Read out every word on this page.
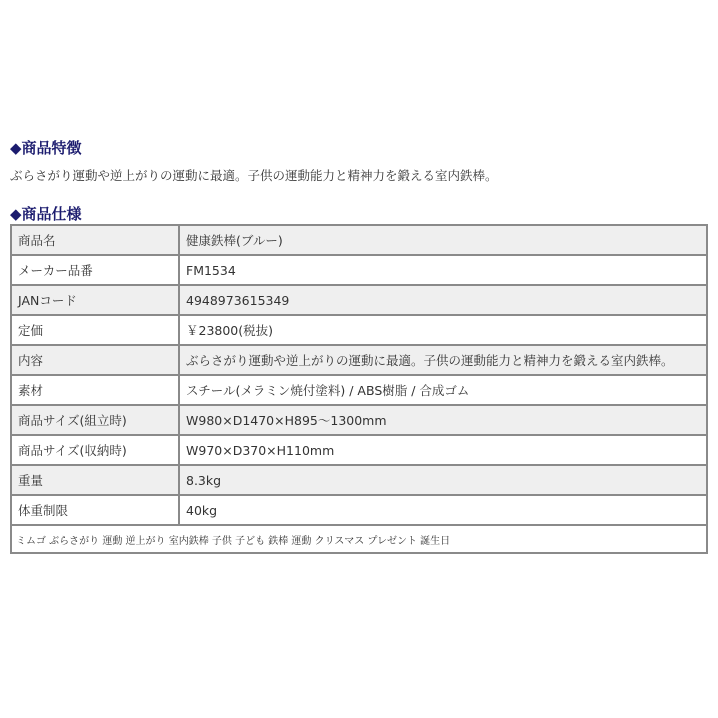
◆商品特徴
ぶらさがり運動や逆上がりの運動に最適。子供の運動能力と精神力を鍛える室内鉄棒。
◆商品仕様
商品名	健康鉄棒(ブルー)
メーカー品番	FM1534
JANコード	4948973615349
定価	￥23800(税抜)
内容	ぶらさがり運動や逆上がりの運動に最適。子供の運動能力と精神力を鍛える室内鉄棒。
素材	スチール(メラミン焼付塗料) / ABS樹脂 / 合成ゴム
商品サイズ(組立時)	W980×D1470×H895～1300mm
商品サイズ(収納時)	W970×D370×H110mm
重量	8.3kg
体重制限	40kg
ミムゴ ぶらさがり 運動 逆上がり 室内鉄棒 子供 子ども 鉄棒 運動 クリスマス プレゼント 誕生日	
